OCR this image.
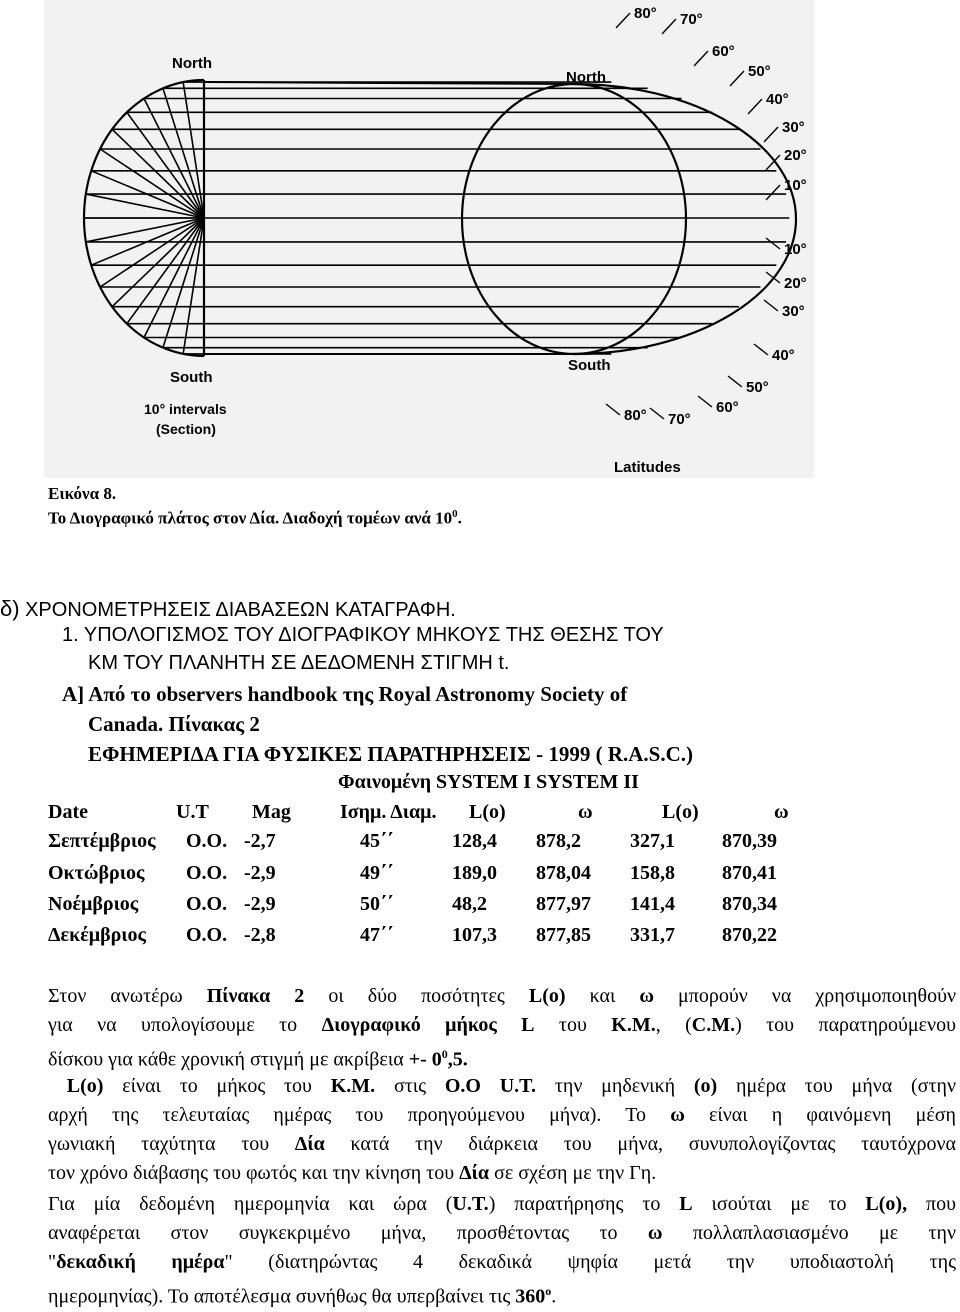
North
South
10° intervals
(Section)
North
South
Latitudes
80° 70°
60°
50°
40°
30°
20°
10°
10°
20°
30°
40°
50°
60°
80° 70°
Εικόνα 8.
Το Διογραφικό πλάτος στον Δία. Διαδοχή τομέων ανά $10^0$.
δ) ΧΡΟΝΟΜΕΤΡΗΣΕΙΣ ΔΙΑΒΑΣΕΩΝ ΚΑΤΑΓΡΑΦΗ.
1. ΥΠΟΛΟΓΙΣΜΟΣ ΤΟΥ ΔΙΟΓΡΑΦΙΚΟΥ ΜΗΚΟΥΣ ΤΗΣ ΘΕΣΗΣ ΤΟΥ
ΚΜ ΤΟΥ ΠΛΑΝΗΤΗ ΣΕ ΔΕΔΟΜΕΝΗ ΣΤΙΓΜΗ t.
Α] Από το observers handbook της Royal Astronomy Society of
Canada. Πίνακας 2
ΕΦΗΜΕΡΙΔΑ ΓΙΑ ΦΥΣΙΚΕΣ ΠΑΡΑΤΗΡΗΣΕΙΣ - 1999 ( R.A.S.C.)
Φαινομένη SYSTEM I SYSTEM II
Date	U.T Mag Ισημ. Διαμ. L(o)	ω	L(o)	ω
Σεπτέμβριος Ο.Ο. -2,7	45΄΄	128,4 878,2 327,1 870,39
Οκτώβριος Ο.Ο. -2,9	49΄΄	189,0 878,04 158,8 870,41
Νοέμβριος Ο.Ο. -2,9	50΄΄	48,2 877,97 141,4 870,34
Δεκέμβριος Ο.Ο. -2,8	47΄΄	107,3 877,85 331,7 870,22
Στον ανωτέρω Πίνακα 2 οι δύο ποσότητες L(o) και ω μπορούν να χρησιμοποιηθούν
για να υπολογίσουμε το Διογραφικό μήκος L του Κ.Μ., (C.M.) του παρατηρούμενου
δίσκου για κάθε χρονική στιγμή με $\alpha\kappa\rho ί\beta\varepsilon\iota\alpha +- 0^0,5$.
L(o) είναι το μήκος του Κ.Μ. στις Ο.Ο U.T. την μηδενική (o) ημέρα του μήνα (στην
αρχή της τελευταίας ημέρας του προηγούμενου μήνα). Το ω είναι η φαινόμενη μέση
γωνιακή ταχύτητα του Δία κατά την διάρκεια του μήνα, συνυπολογίζοντας ταυτόχρονα
τον χρόνο διάβασης του φωτός και την κίνηση του Δία σε σχέση με την Γη.
Για μία δεδομένη ημερομηνία και ώρα (U.T.) παρατήρησης το L ισούται με το L(o), που
αναφέρεται στον συγκεκριμένο μήνα, προσθέτοντας το ω πολλαπλασιασμένο με την
"δεκαδική ημέρα" (διατηρώντας 4 δεκαδικά ψηφία μετά την υποδιαστολή της
ημερομηνίας). Το αποτέλεσμα συνήθως θα υπερβαίνει τις 360$^o$.
